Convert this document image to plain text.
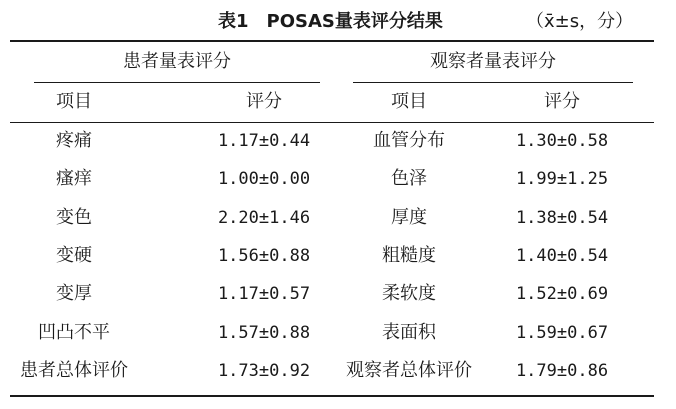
表1　POSAS量表评分结果	（x̄±s，分）
患者量表评分	观察者量表评分
项目	评分	项目	评分
疼痛	1.17±0.44	血管分布	1.30±0.58
瘙痒	1.00±0.00	色泽	1.99±1.25
变色	2.20±1.46	厚度	1.38±0.54
变硬	1.56±0.88	粗糙度	1.40±0.54
变厚	1.17±0.57	柔软度	1.52±0.69
凹凸不平	1.57±0.88	表面积	1.59±0.67
患者总体评价	1.73±0.92	观察者总体评价	1.79±0.86
